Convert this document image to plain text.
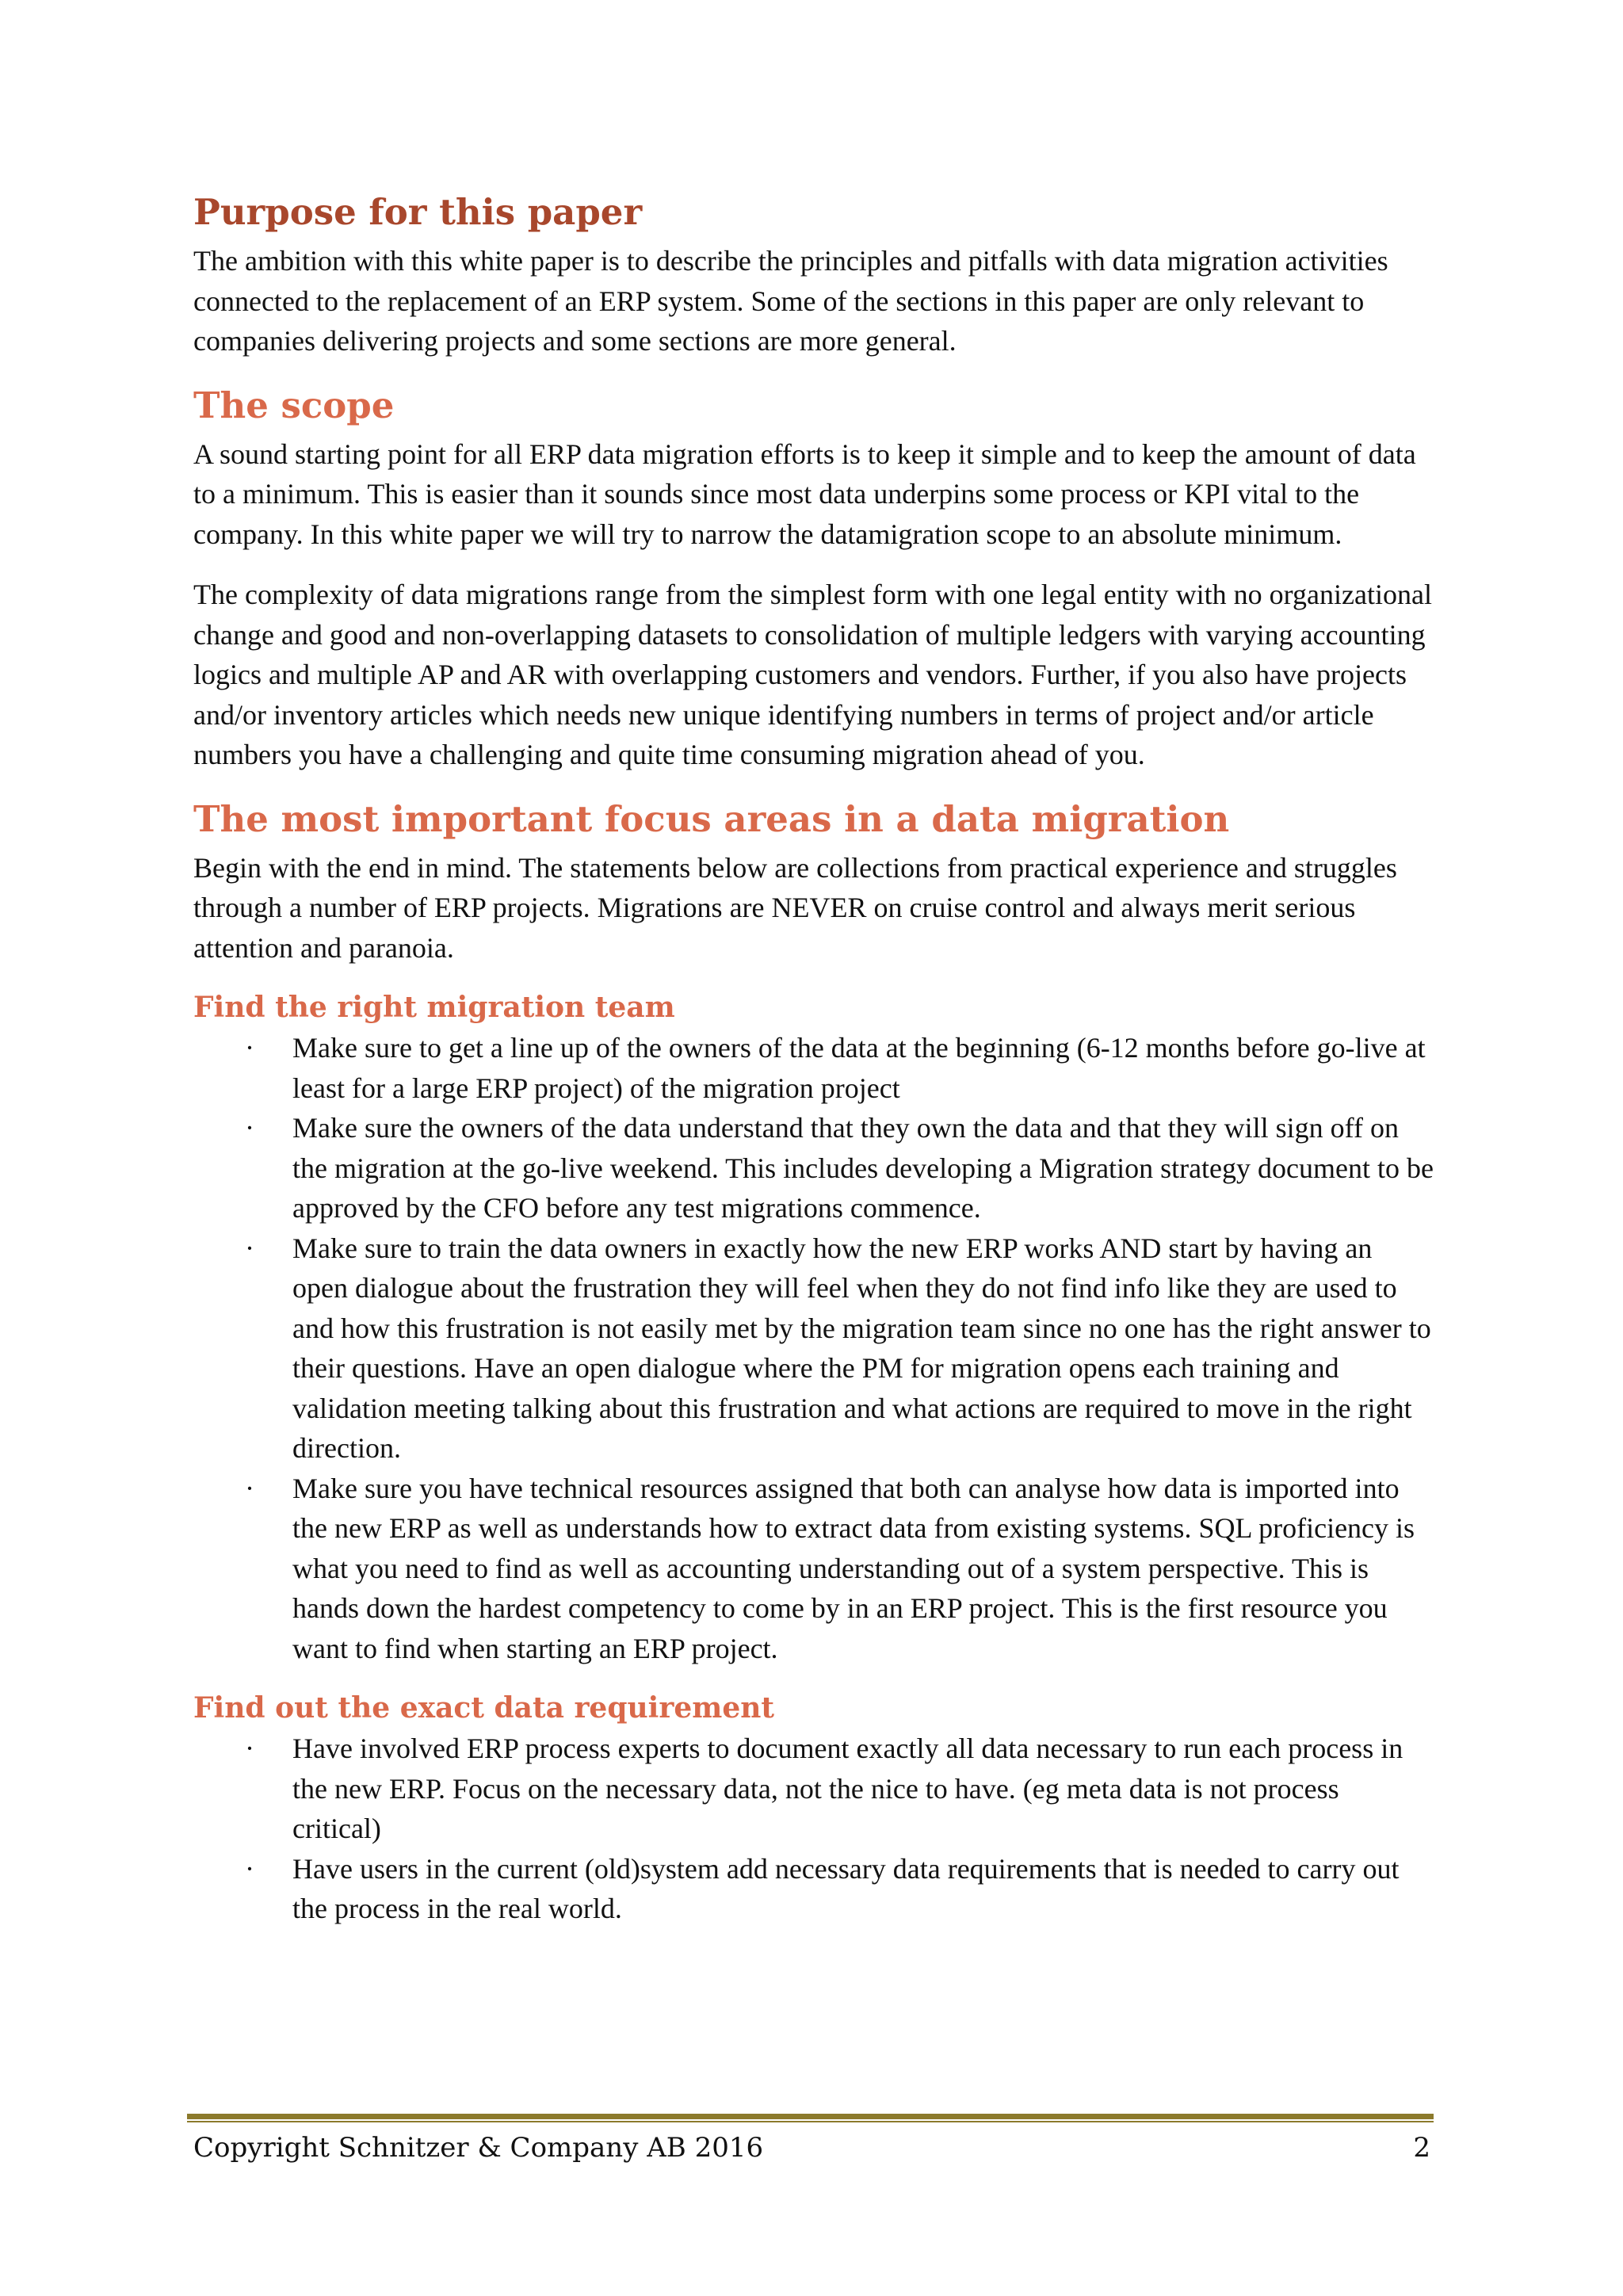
Purpose for this paper

The ambition with this white paper is to describe the principles and pitfalls with data migration activities connected to the replacement of an ERP system. Some of the sections in this paper are only relevant to companies delivering projects and some sections are more general.

The scope

A sound starting point for all ERP data migration efforts is to keep it simple and to keep the amount of data to a minimum. This is easier than it sounds since most data underpins some process or KPI vital to the company. In this white paper we will try to narrow the datamigration scope to an absolute minimum.

The complexity of data migrations range from the simplest form with one legal entity with no organizational change and good and non-overlapping datasets to consolidation of multiple ledgers with varying accounting logics and multiple AP and AR with overlapping customers and vendors. Further, if you also have projects and/or inventory articles which needs new unique identifying numbers in terms of project and/or article numbers you have a challenging and quite time consuming migration ahead of you.

The most important focus areas in a data migration

Begin with the end in mind. The statements below are collections from practical experience and struggles through a number of ERP projects. Migrations are NEVER on cruise control and always merit serious attention and paranoia.

Find the right migration team
· Make sure to get a line up of the owners of the data at the beginning (6-12 months before go-live at least for a large ERP project) of the migration project
· Make sure the owners of the data understand that they own the data and that they will sign off on the migration at the go-live weekend. This includes developing a Migration strategy document to be approved by the CFO before any test migrations commence.
· Make sure to train the data owners in exactly how the new ERP works AND start by having an open dialogue about the frustration they will feel when they do not find info like they are used to and how this frustration is not easily met by the migration team since no one has the right answer to their questions. Have an open dialogue where the PM for migration opens each training and validation meeting talking about this frustration and what actions are required to move in the right direction.
· Make sure you have technical resources assigned that both can analyse how data is imported into the new ERP as well as understands how to extract data from existing systems. SQL proficiency is what you need to find as well as accounting understanding out of a system perspective. This is hands down the hardest competency to come by in an ERP project. This is the first resource you want to find when starting an ERP project.
Find out the exact data requirement
· Have involved ERP process experts to document exactly all data necessary to run each process in the new ERP. Focus on the necessary data, not the nice to have. (eg meta data is not process critical)
· Have users in the current (old)system add necessary data requirements that is needed to carry out the process in the real world.
Copyright Schnitzer & Company AB 2016	2
